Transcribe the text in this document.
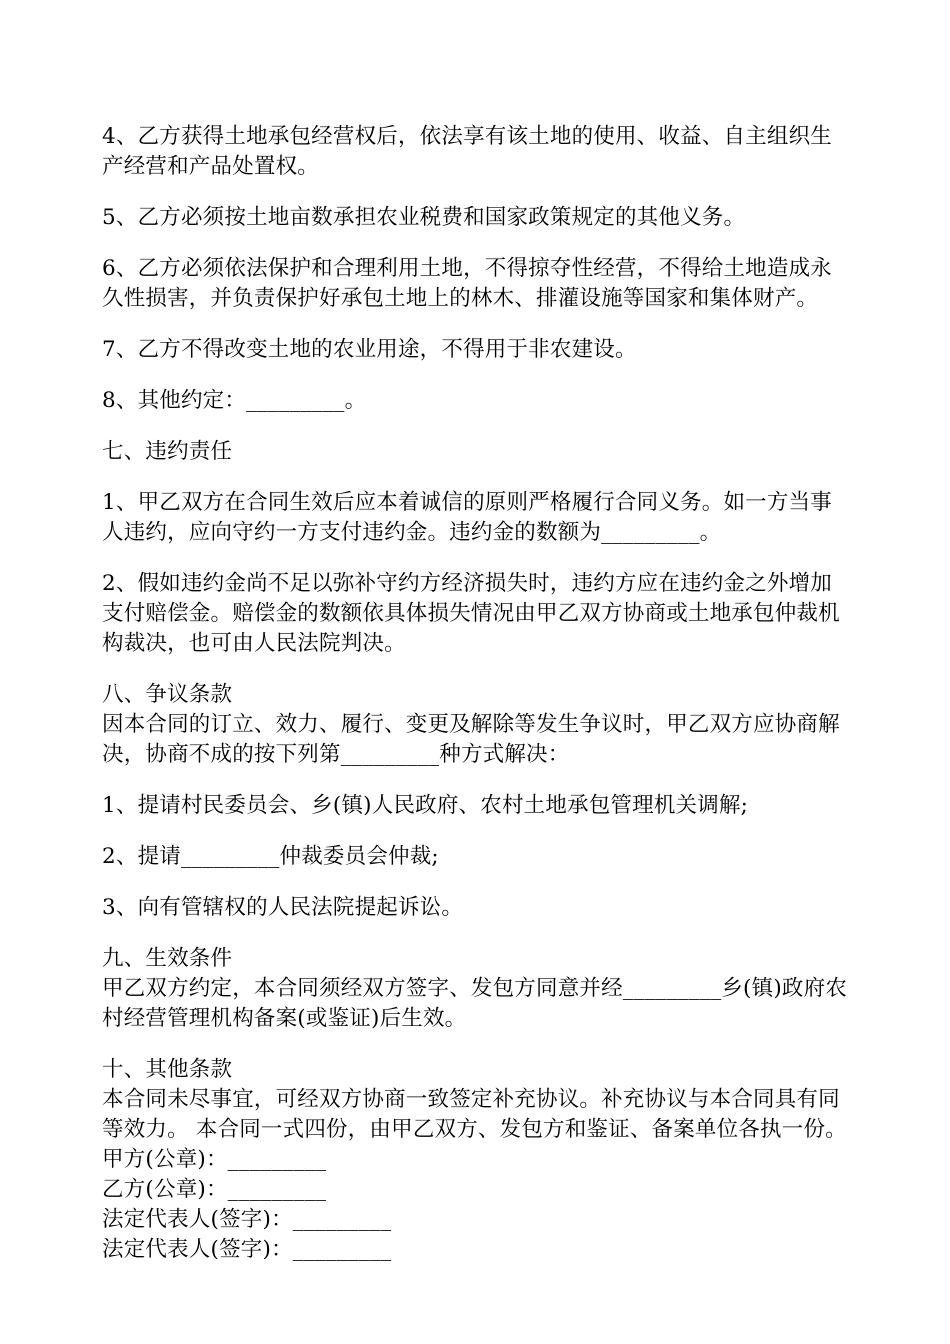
4、乙方获得土地承包经营权后，依法享有该土地的使用、收益、自主组织生产经营和产品处置权。

5、乙方必须按土地亩数承担农业税费和国家政策规定的其他义务。

6、乙方必须依法保护和合理利用土地，不得掠夺性经营，不得给土地造成永久性损害，并负责保护好承包土地上的林木、排灌设施等国家和集体财产。

7、乙方不得改变土地的农业用途，不得用于非农建设。

8、其他约定：_________。

七、违约责任

1、甲乙双方在合同生效后应本着诚信的原则严格履行合同义务。如一方当事人违约，应向守约一方支付违约金。违约金的数额为_________。

2、假如违约金尚不足以弥补守约方经济损失时，违约方应在违约金之外增加支付赔偿金。赔偿金的数额依具体损失情况由甲乙双方协商或土地承包仲裁机构裁决，也可由人民法院判决。

八、争议条款

因本合同的订立、效力、履行、变更及解除等发生争议时，甲乙双方应协商解决，协商不成的按下列第_________种方式解决：

1、提请村民委员会、乡(镇)人民政府、农村土地承包管理机关调解;

2、提请_________仲裁委员会仲裁;

3、向有管辖权的人民法院提起诉讼。

九、生效条件

甲乙双方约定，本合同须经双方签字、发包方同意并经_________乡(镇)政府农村经营管理机构备案(或鉴证)后生效。

十、其他条款

本合同未尽事宜，可经双方协商一致签定补充协议。补充协议与本合同具有同等效力。 本合同一式四份，由甲乙双方、发包方和鉴证、备案单位各执一份。

甲方(公章)：_________

乙方(公章)：_________

法定代表人(签字)：_________

法定代表人(签字)：_________
